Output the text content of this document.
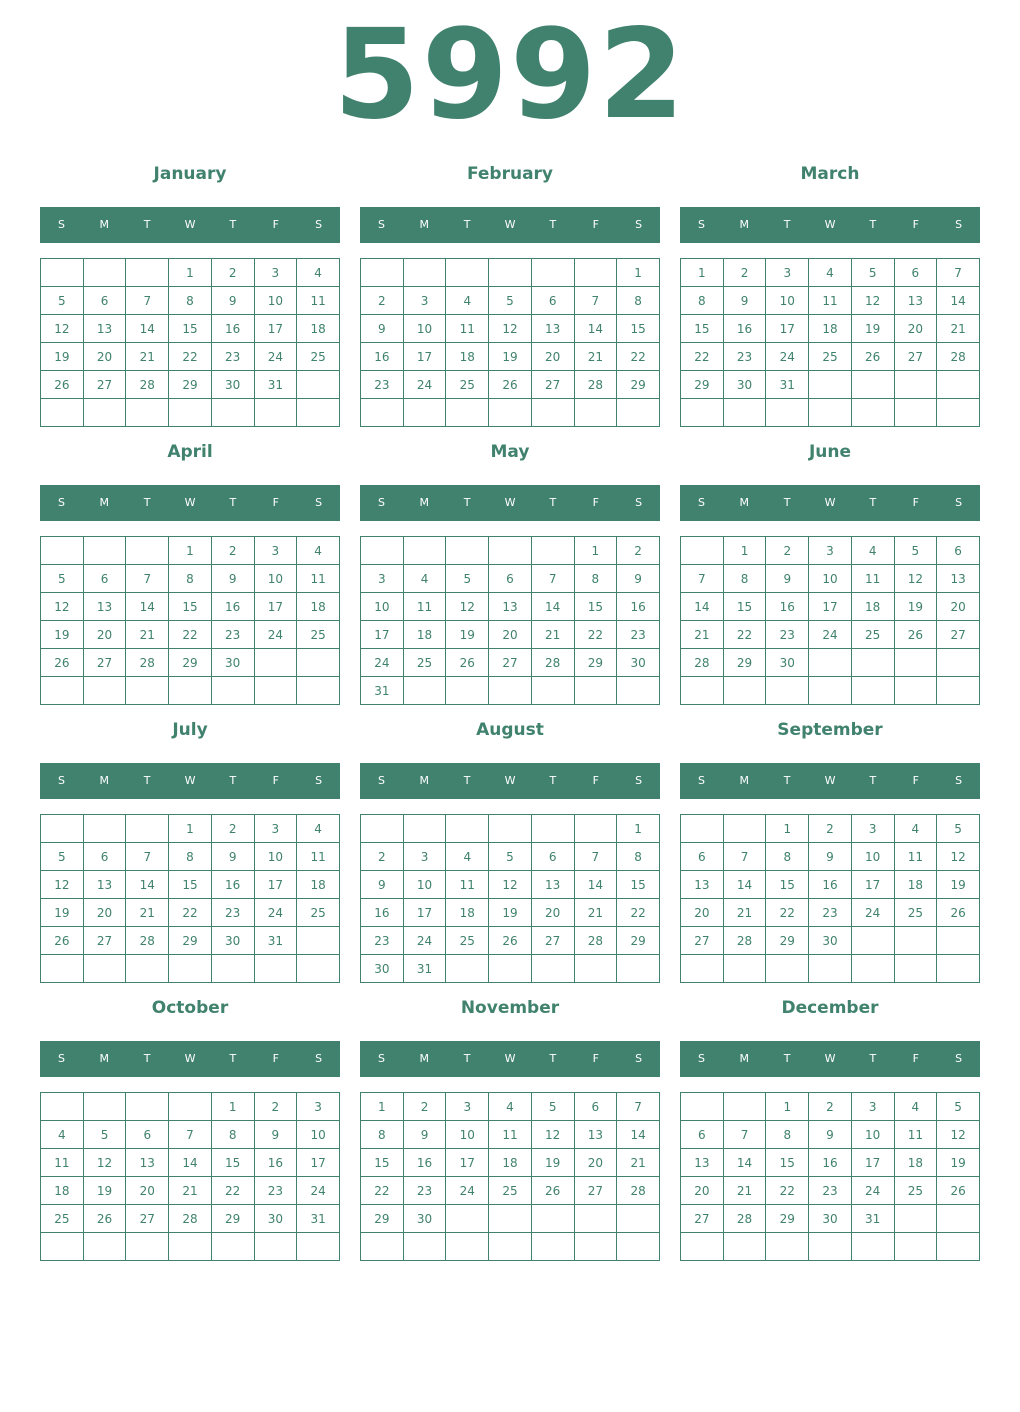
5992
January
S	M	T	W	T	F	S
			1	2	3	4
5	6	7	8	9	10	11
12	13	14	15	16	17	18
19	20	21	22	23	24	25
26	27	28	29	30	31	

February
S	M	T	W	T	F	S
						1
2	3	4	5	6	7	8
9	10	11	12	13	14	15
16	17	18	19	20	21	22
23	24	25	26	27	28	29

March
S	M	T	W	T	F	S
1	2	3	4	5	6	7
8	9	10	11	12	13	14
15	16	17	18	19	20	21
22	23	24	25	26	27	28
29	30	31				

April
S	M	T	W	T	F	S
			1	2	3	4
5	6	7	8	9	10	11
12	13	14	15	16	17	18
19	20	21	22	23	24	25
26	27	28	29	30		

May
S	M	T	W	T	F	S
					1	2
3	4	5	6	7	8	9
10	11	12	13	14	15	16
17	18	19	20	21	22	23
24	25	26	27	28	29	30
31						
June
S	M	T	W	T	F	S
	1	2	3	4	5	6
7	8	9	10	11	12	13
14	15	16	17	18	19	20
21	22	23	24	25	26	27
28	29	30				

July
S	M	T	W	T	F	S
			1	2	3	4
5	6	7	8	9	10	11
12	13	14	15	16	17	18
19	20	21	22	23	24	25
26	27	28	29	30	31	

August
S	M	T	W	T	F	S
						1
2	3	4	5	6	7	8
9	10	11	12	13	14	15
16	17	18	19	20	21	22
23	24	25	26	27	28	29
30	31					
September
S	M	T	W	T	F	S
		1	2	3	4	5
6	7	8	9	10	11	12
13	14	15	16	17	18	19
20	21	22	23	24	25	26
27	28	29	30			

October
S	M	T	W	T	F	S
				1	2	3
4	5	6	7	8	9	10
11	12	13	14	15	16	17
18	19	20	21	22	23	24
25	26	27	28	29	30	31

November
S	M	T	W	T	F	S
1	2	3	4	5	6	7
8	9	10	11	12	13	14
15	16	17	18	19	20	21
22	23	24	25	26	27	28
29	30					

December
S	M	T	W	T	F	S
		1	2	3	4	5
6	7	8	9	10	11	12
13	14	15	16	17	18	19
20	21	22	23	24	25	26
27	28	29	30	31		
